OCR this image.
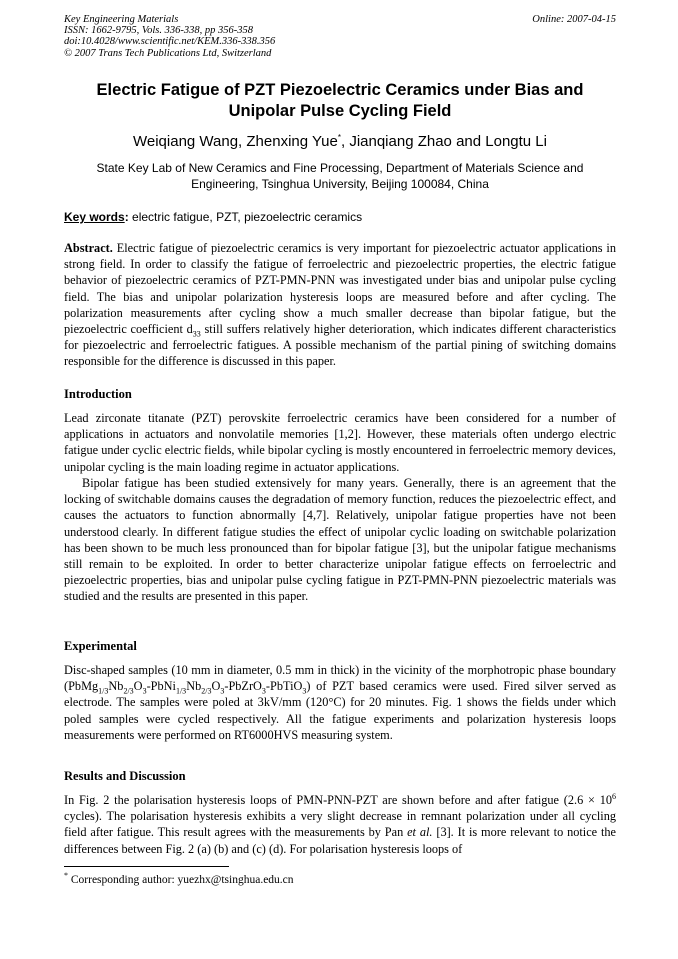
Key Engineering Materials
ISSN: 1662-9795, Vols. 336-338, pp 356-358
doi:10.4028/www.scientific.net/KEM.336-338.356
© 2007 Trans Tech Publications Ltd, Switzerland
Online: 2007-04-15
Electric Fatigue of PZT Piezoelectric Ceramics under Bias and Unipolar Pulse Cycling Field
Weiqiang Wang, Zhenxing Yue*, Jianqiang Zhao and Longtu Li
State Key Lab of New Ceramics and Fine Processing, Department of Materials Science and Engineering, Tsinghua University, Beijing 100084, China
Key words: electric fatigue, PZT, piezoelectric ceramics
Abstract. Electric fatigue of piezoelectric ceramics is very important for piezoelectric actuator applications in strong field. In order to classify the fatigue of ferroelectric and piezoelectric properties, the electric fatigue behavior of piezoelectric ceramics of PZT-PMN-PNN was investigated under bias and unipolar pulse cycling field. The bias and unipolar polarization hysteresis loops are measured before and after cycling. The polarization measurements after cycling show a much smaller decrease than bipolar fatigue, but the piezoelectric coefficient $d_{33}$ still suffers relatively higher deterioration, which indicates different characteristics for piezoelectric and ferroelectric fatigues. A possible mechanism of the partial pining of switching domains responsible for the difference is discussed in this paper.
Introduction
Lead zirconate titanate (PZT) perovskite ferroelectric ceramics have been considered for a number of applications in actuators and nonvolatile memories [1,2]. However, these materials often undergo electric fatigue under cyclic electric fields, while bipolar cycling is mostly encountered in ferroelectric memory devices, unipolar cycling is the main loading regime in actuator applications.
Bipolar fatigue has been studied extensively for many years. Generally, there is an agreement that the locking of switchable domains causes the degradation of memory function, reduces the piezoelectric effect, and causes the actuators to function abnormally [4,7]. Relatively, unipolar fatigue properties have not been understood clearly. In different fatigue studies the effect of unipolar cyclic loading on switchable polarization has been shown to be much less pronounced than for bipolar fatigue [3], but the unipolar fatigue mechanisms still remain to be exploited. In order to better characterize unipolar fatigue effects on ferroelectric and piezoelectric properties, bias and unipolar pulse cycling fatigue in PZT-PMN-PNN piezoelectric materials was studied and the results are presented in this paper.
Experimental
Disc-shaped samples (10 mm in diameter, 0.5 mm in thick) in the vicinity of the morphotropic phase boundary $(PbMg_{1/3}Nb_{2/3}O_3-PbNi_{1/3}Nb_{2/3}O_3-PbZrO_3-PbTiO_3)$ of PZT based ceramics were used. Fired silver served as electrode. The samples were poled at 3kV/mm (120°C) for 20 minutes. Fig. 1 shows the fields under which poled samples were cycled respectively. All the fatigue experiments and polarization hysteresis loops measurements were performed on RT6000HVS measuring system.
Results and Discussion
In Fig. 2 the polarisation hysteresis loops of PMN-PNN-PZT are shown before and after fatigue ($2.6 \times 10^6$ cycles). The polarisation hysteresis exhibits a very slight decrease in remnant polarization under all cycling field after fatigue. This result agrees with the measurements by Pan et al. [3]. It is more relevant to notice the differences between Fig. 2 (a) (b) and (c) (d). For polarisation hysteresis loops of
* Corresponding author: yuezhx@tsinghua.edu.cn
